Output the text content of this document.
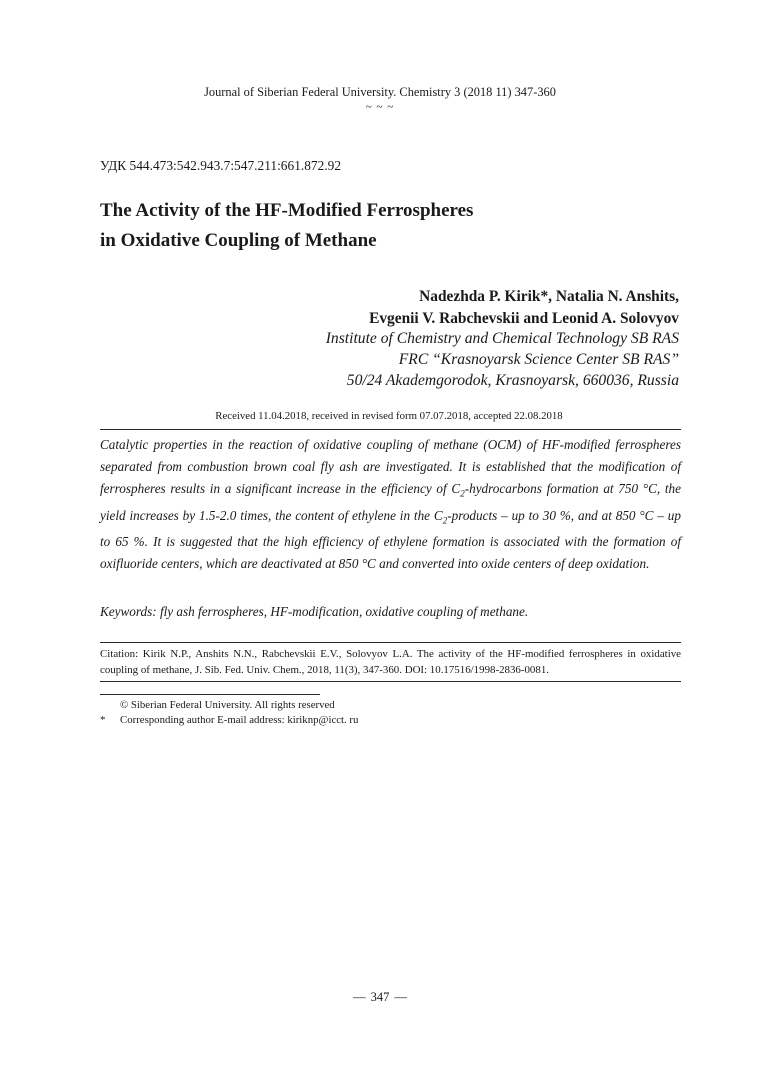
Journal of Siberian Federal University. Chemistry 3 (2018 11) 347-360
~ ~ ~
УДК 544.473:542.943.7:547.211:661.872.92
The Activity of the HF-Modified Ferrospheres
in Oxidative Coupling of Methane
Nadezhda P. Kirik*, Natalia N. Anshits,
Evgenii V. Rabchevskii and Leonid A. Solovyov
Institute of Chemistry and Chemical Technology SB RAS
FRC “Krasnoyarsk Science Center SB RAS”
50/24 Akademgorodok, Krasnoyarsk, 660036, Russia
Received 11.04.2018, received in revised form 07.07.2018, accepted 22.08.2018

Catalytic properties in the reaction of oxidative coupling of methane (OCM) of HF-modified ferrospheres separated from combustion brown coal fly ash are investigated. It is established that the modification of ferrospheres results in a significant increase in the efficiency of $C_2$-hydrocarbons formation at 750 °C, the yield increases by 1.5-2.0 times, the content of ethylene in the $C_2$-products – up to 30 %, and at 850 °C – up to 65 %. It is suggested that the high efficiency of ethylene formation is associated with the formation of oxifluoride centers, which are deactivated at 850 °C and converted into oxide centers of deep oxidation.

Keywords: fly ash ferrospheres, HF-modification, oxidative coupling of methane.
Citation: Kirik N.P., Anshits N.N., Rabchevskii E.V., Solovyov L.A. The activity of the HF-modified ferrospheres in oxidative coupling of methane, J. Sib. Fed. Univ. Chem., 2018, 11(3), 347-360. DOI: 10.17516/1998-2836-0081.
© Siberian Federal University. All rights reserved
* Corresponding author E-mail address: kiriknp@icct. ru
— 347 —
